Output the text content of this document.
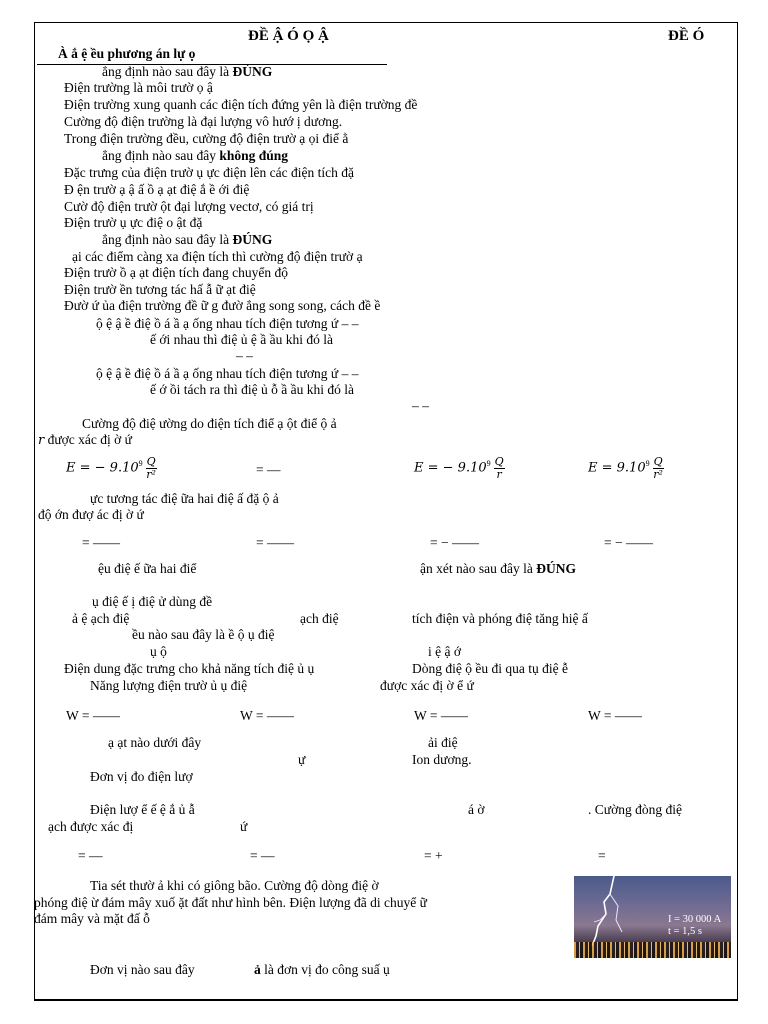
ĐỀ Ậ Ó Ọ Ậ	ĐỀ Ó
À ắ ệ ều phương án lự ọ
ẳng định nào sau đây là ĐÚNG
Điện trường là môi trườ ọ ậ
Điện trường xung quanh các điện tích đứng yên là điện trường đề
Cường độ điện trường là đại lượng vô hướ ị dương.
Trong điện trường đều, cường độ điện trườ ạ ọi điể ằ
ẳng định nào sau đây không đúng
Đặc trưng của điện trườ ụ ực điện lên các điện tích đặ
Đ ện trườ ạ ậ ấ ồ ạ ạt điệ ắ ề ới điệ
Cườ độ điện trườ ột đại lượng vectơ, có giá trị
Điện trườ ụ ực điệ o ật đặ
ẳng định nào sau đây là ĐÚNG
ại các điểm càng xa điện tích thì cường độ điện trườ ạ
Điện trườ ồ ạ ạt điện tích đang chuyển độ
Điện trườ ền tương tác hấ ẫ ữ ạt điệ
Đườ ứ ủa điện trường đề ữ g đườ ẳng song song, cách đề ề
ộ ệ ậ ề điệ ồ á ầ ạ ống nhau tích điện tương ứ – –
ế ới nhau thì điệ ủ ệ ầ ầu khi đó là
– –
ộ ệ ậ ề điệ ồ á ầ ạ ống nhau tích điện tương ứ – –
ế ớ ồi tách ra thì điệ ủ ỗ ầ ầu khi đó là
– –
Cường độ điệ ường do điện tích điể ạ ột điể ộ ả
r được xác đị ờ ứ
E = − $9.10^9 \frac{Q}{\text{r²}}$	= —	E = − $9.10^9 \frac{Q}{r}$	$E = 9.10^9 \frac{Q}{\text{r²}}$
ực tương tác điệ ữa hai điệ ấ đặ ộ ả
độ ớn đượ ác đị ờ ứ
= ——	= ——	= − ——	= − ——
ệu điệ ế ữa hai điể	ận xét nào sau đây là ĐÚNG
ụ điệ ế ị điệ ử dùng đề
ả ệ ạch điệ	ạch điệ	tích điện và phóng điệ tăng hiệ ấ
ều nào sau đây là ề ộ ụ điệ
ụ ộ	i ệ ậ ớ
Điện dung đặc trưng cho khả năng tích điệ ủ ụ	Dòng điệ ộ ều đi qua tụ điệ ễ
Năng lượng điện trườ ủ ụ điệ	được xác đị ờ ể ứ
W = ——	W = ——	W = ——	W = ——
ạ ạt nào dưới đây	ải điệ
ự	Ion dương.
Đơn vị đo điện lượ
Điện lượ ể ế ệ ắ ủ ẫ	á ờ	. Cường đòng điệ
ạch được xác đị	ứ
= —	= —	= +	=
Tia sét thườ ả khi có giông bão. Cường độ dòng điệ ờ
phóng điệ ừ đám mây xuố ặt đất như hình bên. Điện lượng đã di chuyể ữ
đám mây và mặt đấ ỗ	I = 30 000 A
t = 1,5 s
Đơn vị nào sau đây	ả là đơn vị đo công suấ ụ
